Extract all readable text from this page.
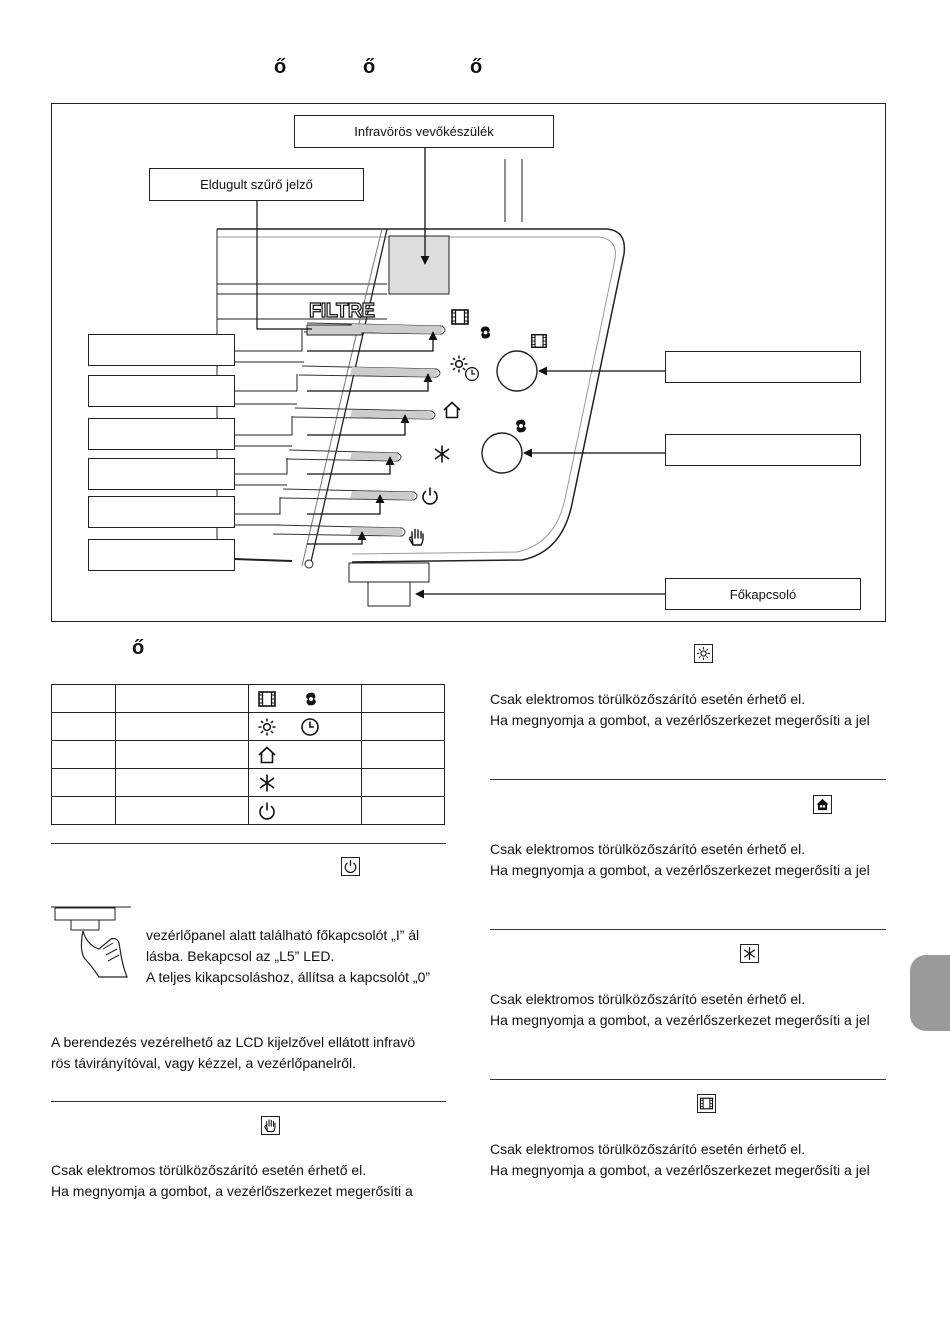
ő	ő	ő
FILTRE
Infravörös vevőkészülék
Eldugult szűrő jelző
Főkapcsoló
ő

vezérlőpanel alatt található főkapcsolót „I” ál
lásba. Bekapcsol az „L5” LED.
A teljes kikapcsoláshoz, állítsa a kapcsolót „0”
A berendezés vezérelhető az LCD kijelzővel ellátott infravö
rös távirányítóval, vagy kézzel, a vezérlőpanelről.
Csak elektromos törülközőszárító esetén érhető el.
Ha megnyomja a gombot, a vezérlőszerkezet megerősíti a
Csak elektromos törülközőszárító esetén érhető el.
Ha megnyomja a gombot, a vezérlőszerkezet megerősíti a jel
Csak elektromos törülközőszárító esetén érhető el.
Ha megnyomja a gombot, a vezérlőszerkezet megerősíti a jel
Csak elektromos törülközőszárító esetén érhető el.
Ha megnyomja a gombot, a vezérlőszerkezet megerősíti a jel
Csak elektromos törülközőszárító esetén érhető el.
Ha megnyomja a gombot, a vezérlőszerkezet megerősíti a jel
